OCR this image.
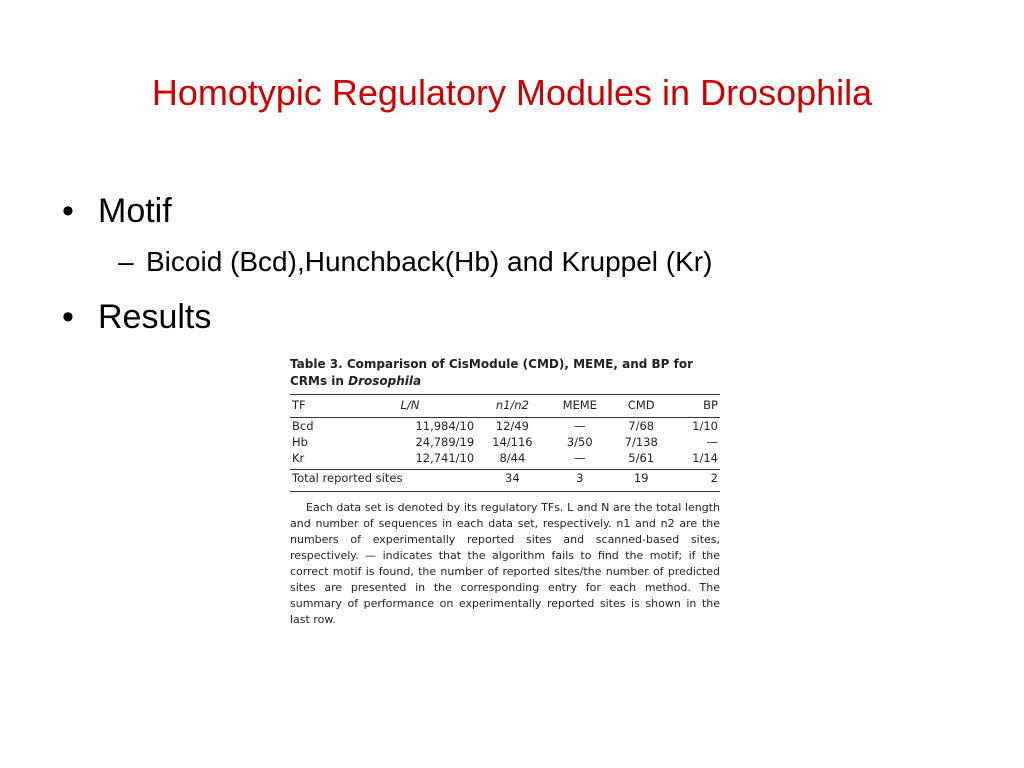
Homotypic Regulatory Modules in Drosophila
• Motif
– Bicoid (Bcd),Hunchback(Hb) and Kruppel (Kr)
• Results
Table 3. Comparison of CisModule (CMD), MEME, and BP for
CRMs in Drosophila
TF	L/N	n1/n2	MEME	CMD	BP
Bcd	11,984/10	12/49	—	7/68	1/10
Hb	24,789/19	14/116	3/50	7/138	—
Kr	12,741/10	8/44	—	5/61	1/14
Total reported sites		34	3	19	2
Each data set is denoted by its regulatory TFs. L and N are the total length and number of sequences in each data set, respectively. n1 and n2 are the numbers of experimentally reported sites and scanned-based sites, respectively. — indicates that the algorithm fails to find the motif; if the correct motif is found, the number of reported sites/the number of predicted sites are presented in the corresponding entry for each method. The summary of performance on experimentally reported sites is shown in the last row.
